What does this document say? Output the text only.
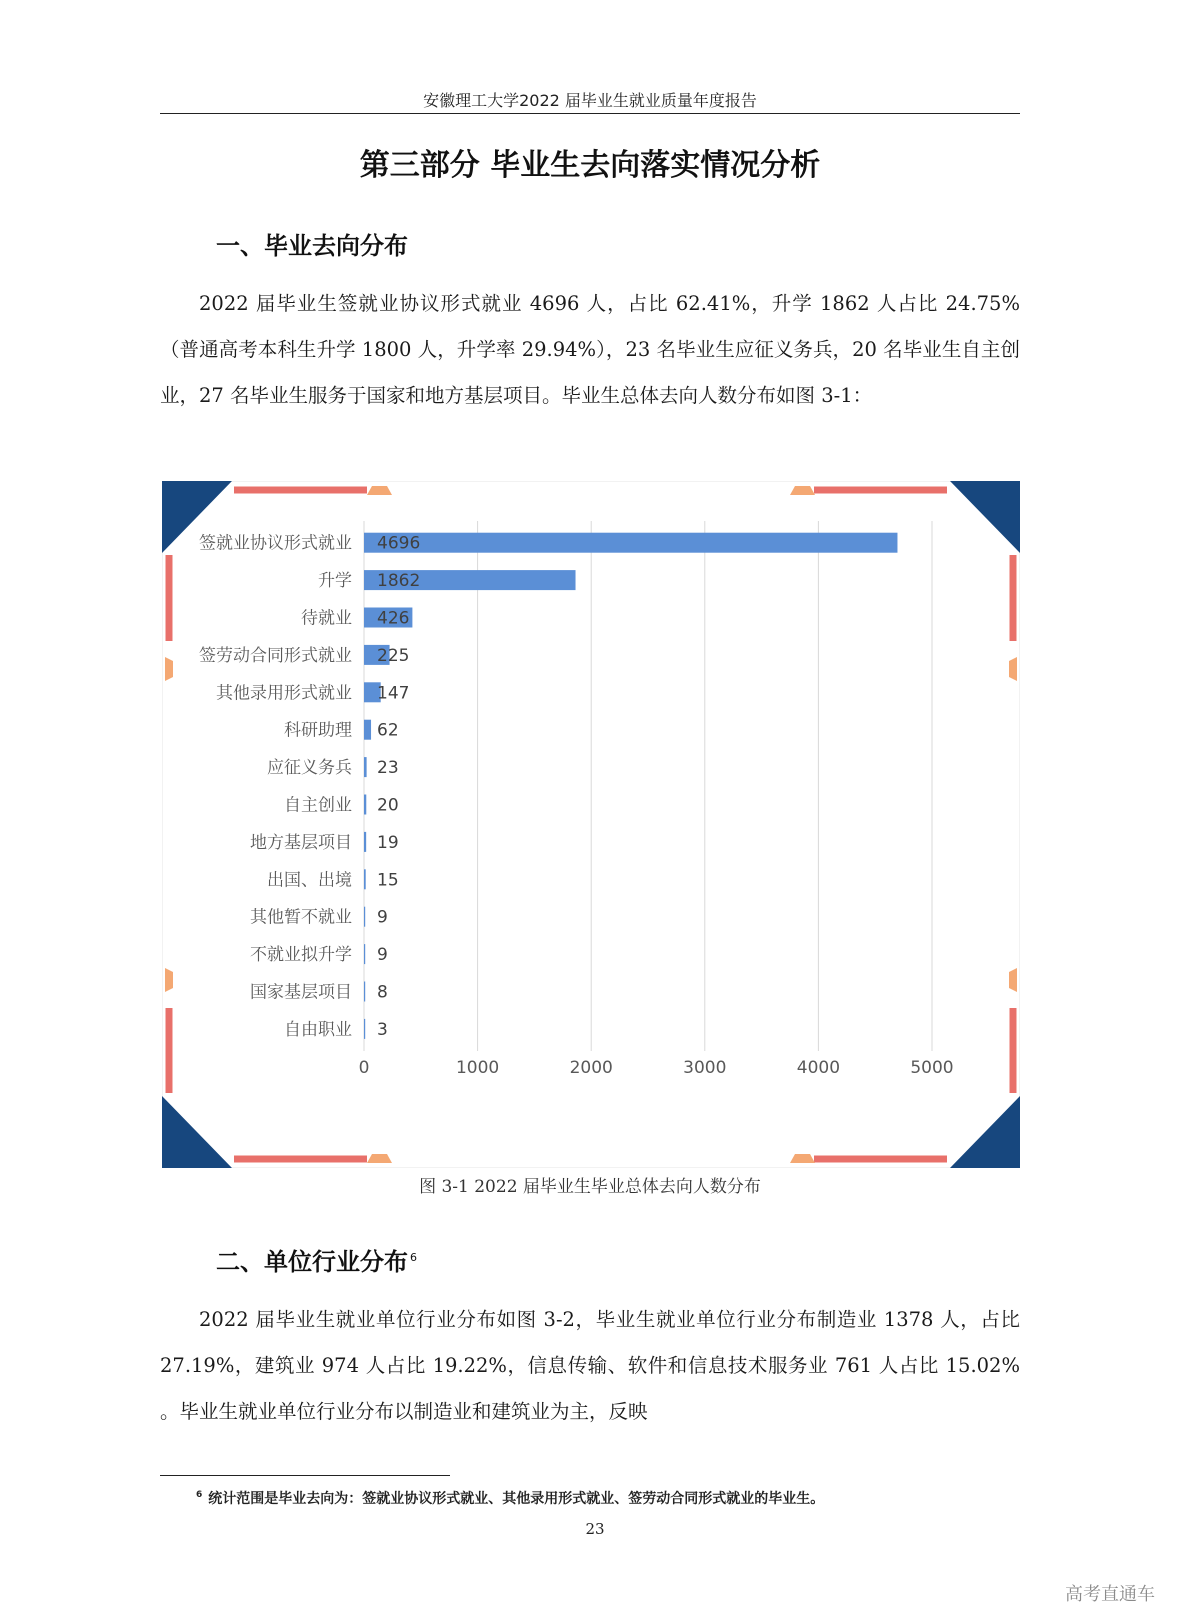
安徽理工大学2022 届毕业生就业质量年度报告
第三部分 毕业生去向落实情况分析
一、毕业去向分布

2022 届毕业生签就业协议形式就业 4696 人，占比 62.41%，升学 1862 人占比 24.75%（普通高考本科生升学 1800 人，升学率 29.94%），23 名毕业生应征义务兵，20 名毕业生自主创业，27 名毕业生服务于国家和地方基层项目。毕业生总体去向人数分布如图 3-1：

签就业协议形式就业
升学
待就业
签劳动合同形式就业
其他录用形式就业
科研助理
应征义务兵
自主创业
地方基层项目
出国、出境
其他暂不就业
不就业拟升学
国家基层项目
自由职业
4696
1862
426
225
147
62
23
20
19
15
9
9
8
3
0	1000	2000	3000	4000	5000
图 3-1 2022 届毕业生毕业总体去向人数分布
二、单位行业分布 $^6$

2022 届毕业生就业单位行业分布如图 3-2，毕业生就业单位行业分布制造业 1378 人，占比 27.19%，建筑业 974 人占比 19.22%，信息传输、软件和信息技术服务业 761 人占比 15.02% 。毕业生就业单位行业分布以制造业和建筑业为主，反映

$^6$ 统计范围是毕业去向为：签就业协议形式就业、其他录用形式就业、签劳动合同形式就业的毕业生。
23
高考直通车
